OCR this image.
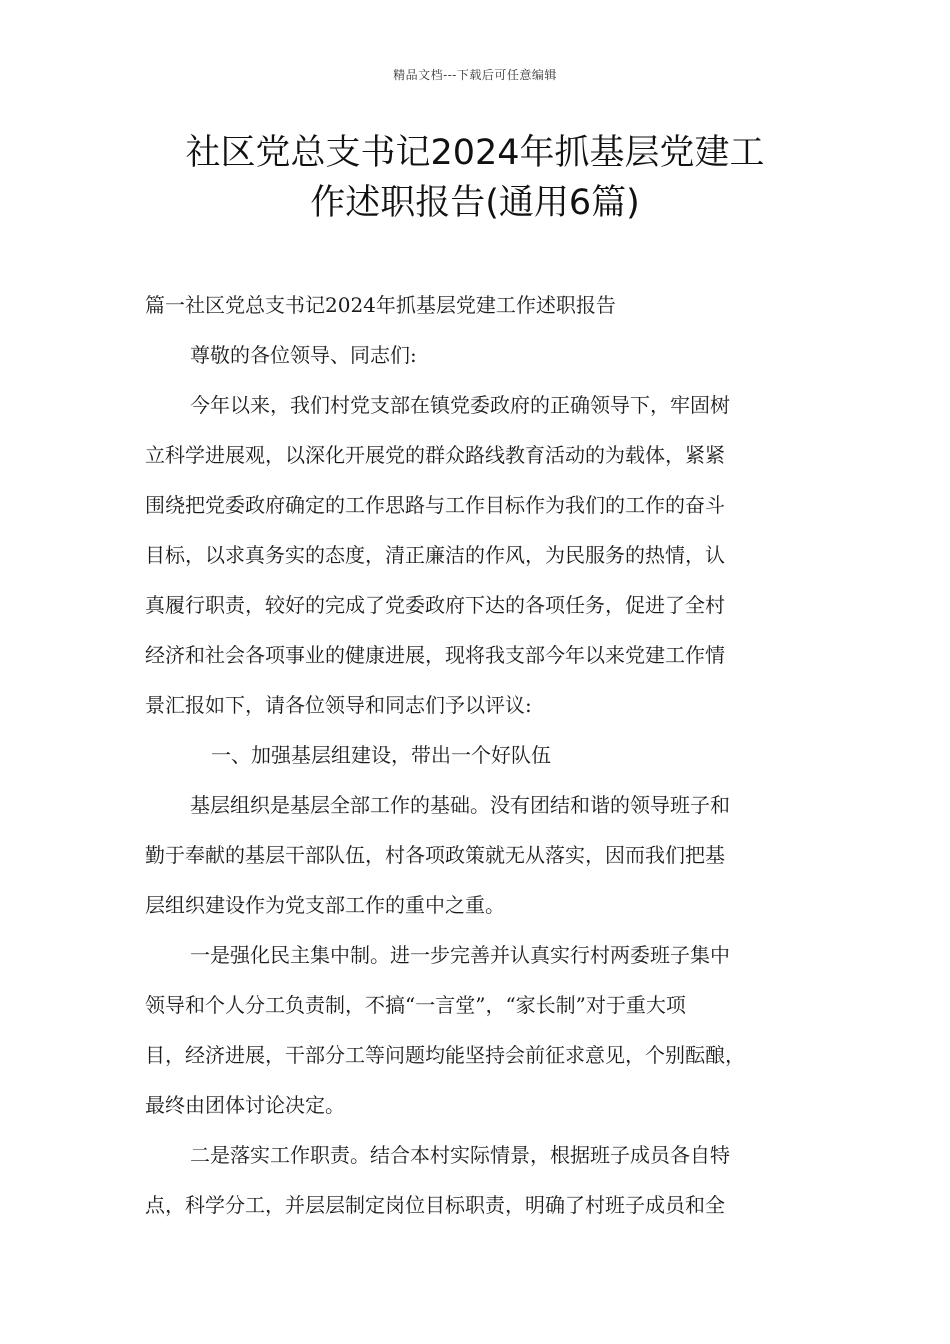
精品文档---下载后可任意编辑
社区党总支书记2024年抓基层党建工
作述职报告(通用6篇)
篇一社区党总支书记2024年抓基层党建工作述职报告
尊敬的各位领导、同志们:
今年以来，我们村党支部在镇党委政府的正确领导下，牢固树
立科学进展观，以深化开展党的群众路线教育活动的为载体，紧紧
围绕把党委政府确定的工作思路与工作目标作为我们的工作的奋斗
目标，以求真务实的态度，清正廉洁的作风，为民服务的热情，认
真履行职责，较好的完成了党委政府下达的各项任务，促进了全村
经济和社会各项事业的健康进展，现将我支部今年以来党建工作情
景汇报如下，请各位领导和同志们予以评议:
一、加强基层组建设，带出一个好队伍
基层组织是基层全部工作的基础。没有团结和谐的领导班子和
勤于奉献的基层干部队伍，村各项政策就无从落实，因而我们把基
层组织建设作为党支部工作的重中之重。
一是强化民主集中制。进一步完善并认真实行村两委班子集中
领导和个人分工负责制，不搞“一言堂”，“家长制”对于重大项
目，经济进展，干部分工等问题均能坚持会前征求意见，个别酝酿，
最终由团体讨论决定。
二是落实工作职责。结合本村实际情景，根据班子成员各自特
点，科学分工，并层层制定岗位目标职责，明确了村班子成员和全
